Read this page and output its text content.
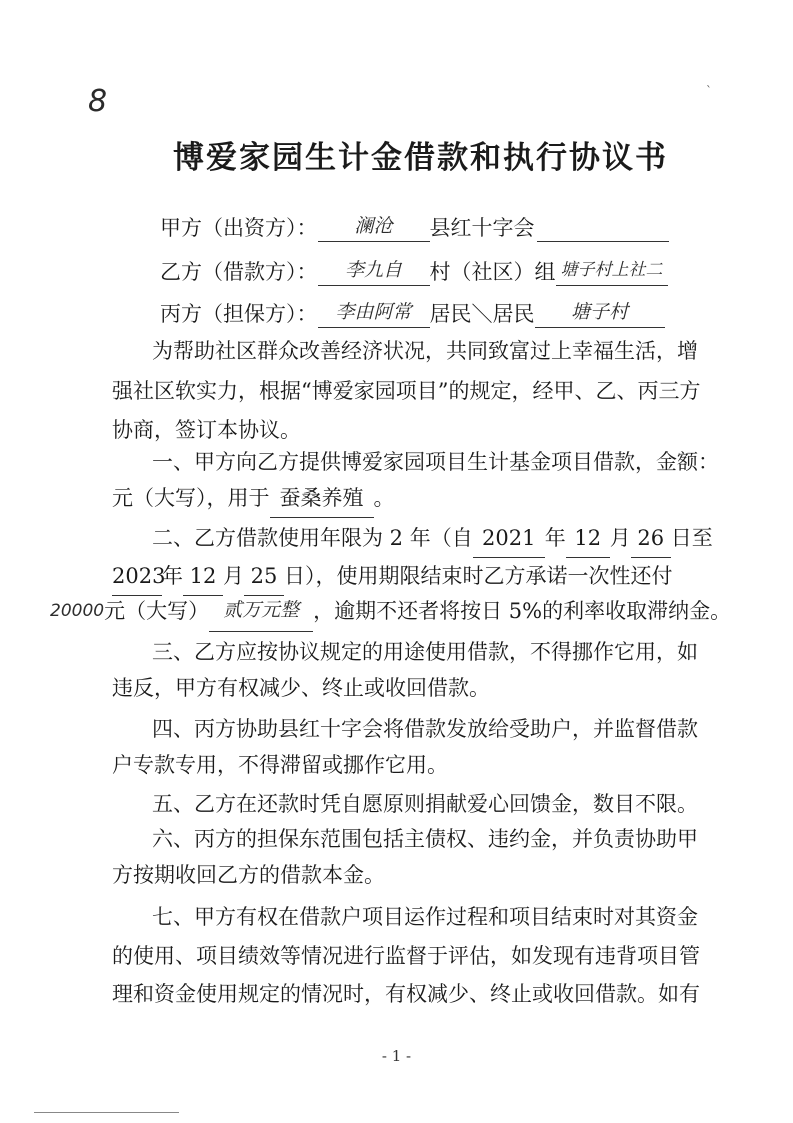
8	`
博爱家园生计金借款和执行协议书
甲方（出资方）：	澜沧	县红十字会
乙方（借款方）：	李九自	村（社区）组 塘子村上社二
丙方（担保方）： 李由阿常 居民＼居民	塘子村
为帮助社区群众改善经济状况，共同致富过上幸福生活，增
强社区软实力，根据“博爱家园项目”的规定，经甲、乙、丙三方
协商，签订本协议。
一、甲方向乙方提供博爱家园项目生计基金项目借款，金额：
元（大写），用于 蚕桑养殖 。
二、乙方借款使用年限为 2 年（自 2021 年 12 月 26 日至
2023年 12 月 25 日），使用期限结束时乙方承诺一次性还付
20000元（大写） 贰万元整 ，逾期不还者将按日 5%的利率收取滞纳金。
三、乙方应按协议规定的用途使用借款，不得挪作它用，如
违反，甲方有权减少、终止或收回借款。
四、丙方协助县红十字会将借款发放给受助户，并监督借款
户专款专用，不得滞留或挪作它用。
五、乙方在还款时凭自愿原则捐献爱心回馈金，数目不限。
六、丙方的担保东范围包括主债权、违约金，并负责协助甲
方按期收回乙方的借款本金。
七、甲方有权在借款户项目运作过程和项目结束时对其资金
的使用、项目绩效等情况进行监督于评估，如发现有违背项目管
理和资金使用规定的情况时，有权减少、终止或收回借款。如有
- 1 -
